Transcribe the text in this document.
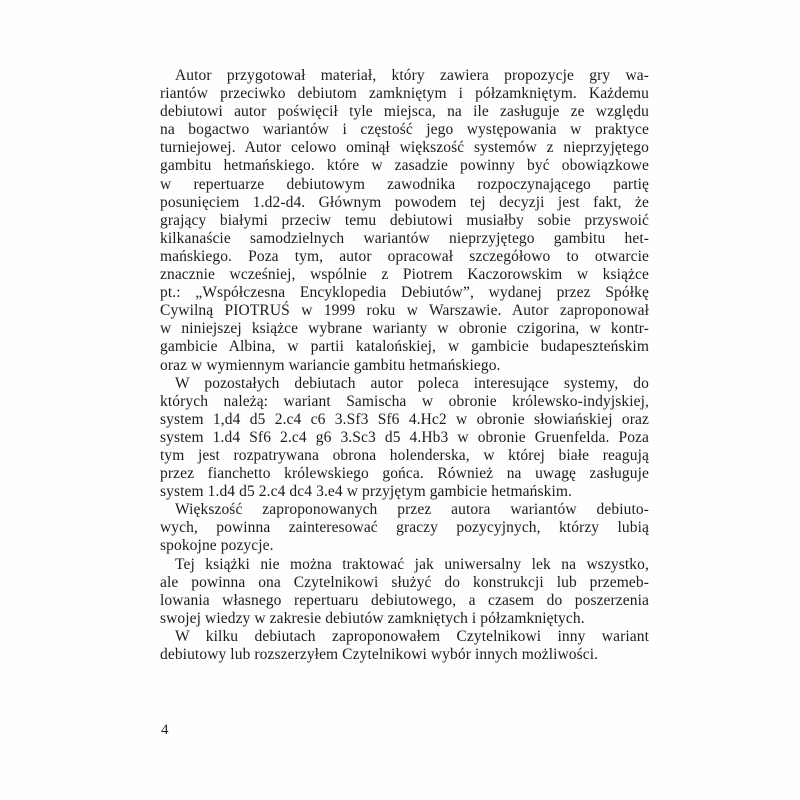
Autor przygotował materiał, który zawiera propozycje gry wa-
riantów przeciwko debiutom zamkniętym i półzamkniętym. Każdemu
debiutowi autor poświęcił tyle miejsca, na ile zasługuje ze względu
na bogactwo wariantów i częstość jego występowania w praktyce
turniejowej. Autor celowo ominął większość systemów z nieprzyjętego
gambitu hetmańskiego. które w zasadzie powinny być obowiązkowe
w repertuarze debiutowym zawodnika rozpoczynającego partię
posunięciem 1.d2-d4. Głównym powodem tej decyzji jest fakt, że
grający białymi przeciw temu debiutowi musiałby sobie przyswoić
kilkanaście samodzielnych wariantów nieprzyjętego gambitu het-
mańskiego. Poza tym, autor opracował szczegółowo to otwarcie
znacznie wcześniej, wspólnie z Piotrem Kaczorowskim w książce
pt.: „Współczesna Encyklopedia Debiutów”, wydanej przez Spółkę
Cywilną PIOTRUŚ w 1999 roku w Warszawie. Autor zaproponował
w niniejszej książce wybrane warianty w obronie czigorina, w kontr-
gambicie Albina, w partii katalońskiej, w gambicie budapeszteńskim
oraz w wymiennym wariancie gambitu hetmańskiego.
W pozostałych debiutach autor poleca interesujące systemy, do
których należą: wariant Samischa w obronie królewsko-indyjskiej,
system 1,d4 d5 2.c4 c6 3.Sf3 Sf6 4.Hc2 w obronie słowiańskiej oraz
system 1.d4 Sf6 2.c4 g6 3.Sc3 d5 4.Hb3 w obronie Gruenfelda. Poza
tym jest rozpatrywana obrona holenderska, w której białe reagują
przez fianchetto królewskiego gońca. Również na uwagę zasługuje
system 1.d4 d5 2.c4 dc4 3.e4 w przyjętym gambicie hetmańskim.
Większość zaproponowanych przez autora wariantów debiuto-
wych, powinna zainteresować graczy pozycyjnych, którzy lubią
spokojne pozycje.
Tej książki nie można traktować jak uniwersalny lek na wszystko,
ale powinna ona Czytelnikowi służyć do konstrukcji lub przemeb-
lowania własnego repertuaru debiutowego, a czasem do poszerzenia
swojej wiedzy w zakresie debiutów zamkniętych i półzamkniętych.
W kilku debiutach zaproponowałem Czytelnikowi inny wariant
debiutowy lub rozszerzyłem Czytelnikowi wybór innych możliwości.
4
